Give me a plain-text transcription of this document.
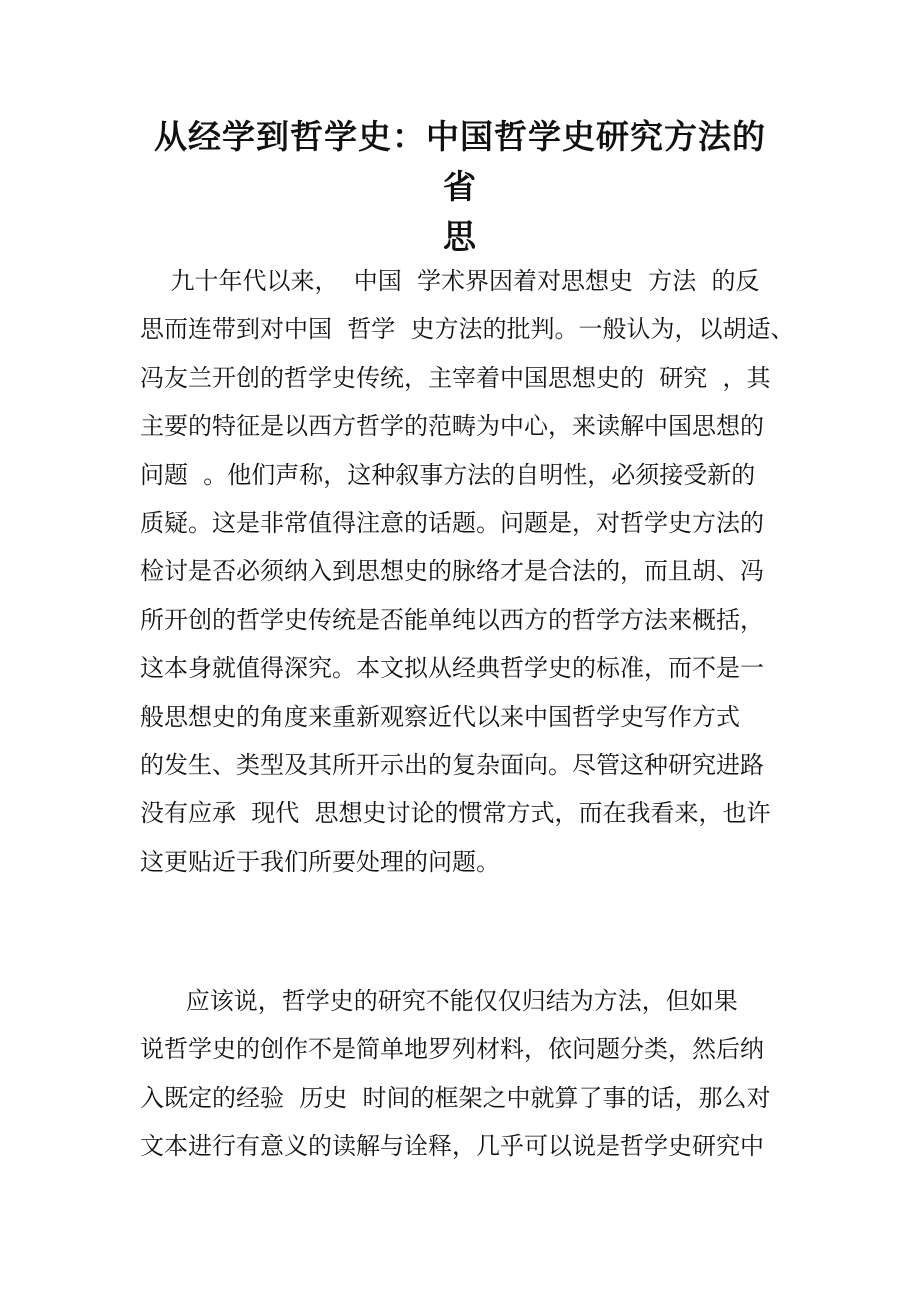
从经学到哲学史：中国哲学史研究方法的省
思
九十年代以来，  中国  学术界因着对思想史  方法  的反
思而连带到对中国  哲学  史方法的批判。一般认为，以胡适、
冯友兰开创的哲学史传统，主宰着中国思想史的  研究  ，其
主要的特征是以西方哲学的范畴为中心，来读解中国思想的
问题  。他们声称，这种叙事方法的自明性，必须接受新的
质疑。这是非常值得注意的话题。问题是，对哲学史方法的
检讨是否必须纳入到思想史的脉络才是合法的，而且胡、冯
所开创的哲学史传统是否能单纯以西方的哲学方法来概括，
这本身就值得深究。本文拟从经典哲学史的标准，而不是一
般思想史的角度来重新观察近代以来中国哲学史写作方式
的发生、类型及其所开示出的复杂面向。尽管这种研究进路
没有应承  现代  思想史讨论的惯常方式，而在我看来，也许
这更贴近于我们所要处理的问题。
应该说，哲学史的研究不能仅仅归结为方法，但如果
说哲学史的创作不是简单地罗列材料，依问题分类，然后纳
入既定的经验  历史  时间的框架之中就算了事的话，那么对
文本进行有意义的读解与诠释，几乎可以说是哲学史研究中
